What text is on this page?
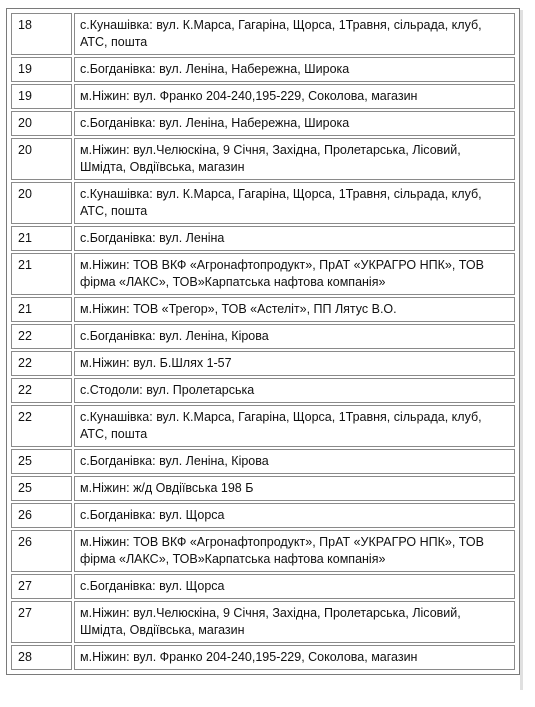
18	с.Кунашівка: вул. К.Марса, Гагаріна, Щорса, 1Травня, сільрада, клуб, АТС, пошта
19	с.Богданівка: вул. Леніна, Набережна, Широка
19	м.Ніжин: вул. Франко 204-240,195-229, Соколова, магазин
20	с.Богданівка: вул. Леніна, Набережна, Широка
20	м.Ніжин: вул.Челюскіна, 9 Січня, Західна, Пролетарська, Лісовий, Шмідта, Овдіївська, магазин
20	с.Кунашівка: вул. К.Марса, Гагаріна, Щорса, 1Травня, сільрада, клуб, АТС, пошта
21	с.Богданівка: вул. Леніна
21	м.Ніжин: ТОВ ВКФ «Агронафтопродукт», ПрАТ «УКРАГРО НПК», ТОВ фірма «ЛАКС», ТОВ»Карпатська нафтова компанія»
21	м.Ніжин: ТОВ «Трегор», ТОВ «Астеліт», ПП Лятус В.О.
22	с.Богданівка: вул. Леніна, Кірова
22	м.Ніжин: вул. Б.Шлях 1-57
22	с.Стодоли: вул. Пролетарська
22	с.Кунашівка: вул. К.Марса, Гагаріна, Щорса, 1Травня, сільрада, клуб, АТС, пошта
25	с.Богданівка: вул. Леніна, Кірова
25	м.Ніжин: ж/д Овдіївська 198 Б
26	с.Богданівка: вул. Щорса
26	м.Ніжин: ТОВ ВКФ «Агронафтопродукт», ПрАТ «УКРАГРО НПК», ТОВ фірма «ЛАКС», ТОВ»Карпатська нафтова компанія»
27	с.Богданівка: вул. Щорса
27	м.Ніжин: вул.Челюскіна, 9 Січня, Західна, Пролетарська, Лісовий, Шмідта, Овдіївська, магазин
28	м.Ніжин: вул. Франко 204-240,195-229, Соколова, магазин
